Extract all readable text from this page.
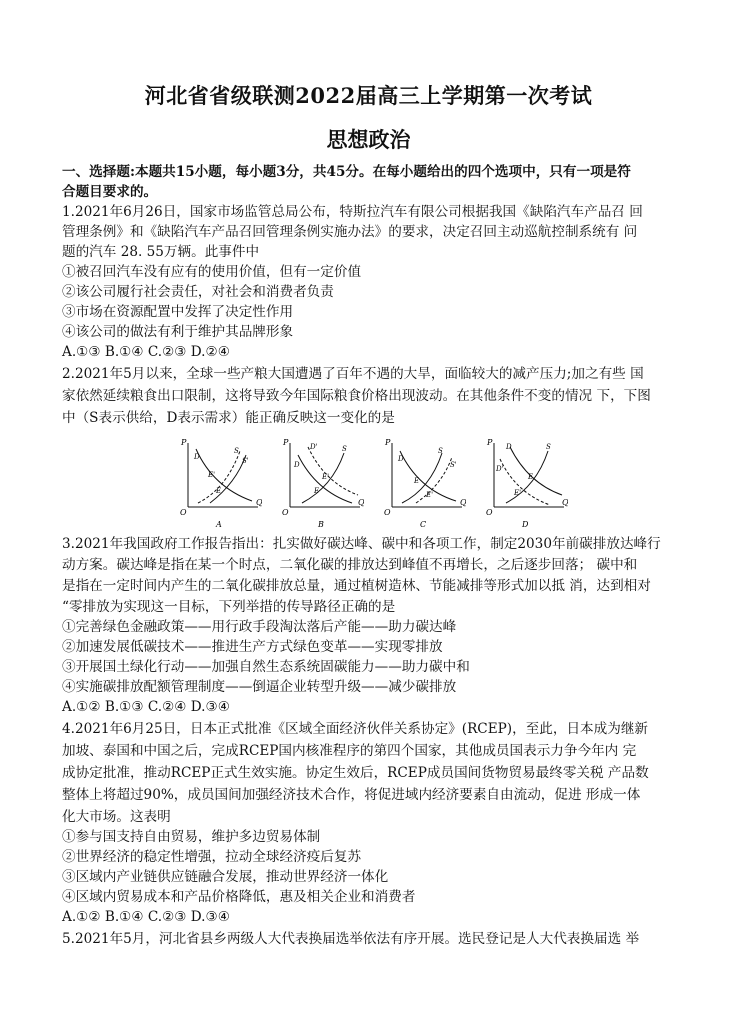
河北省省级联测2022届高三上学期第一次考试
思想政治
一、选择题:本题共15小题，每小题3分，共45分。在每小题给出的四个选项中，只有一项是符
合题目要求的。
1.2021年6月26日，国家市场监管总局公布，特斯拉汽车有限公司根据我国《缺陷汽车产品召 回
管理条例》和《缺陷汽车产品召回管理条例实施办法》的要求，决定召回主动巡航控制系统有 问
题的汽车 28. 55万辆。此事件中
①被召回汽车没有应有的使用价值，但有一定价值
②该公司履行社会责任，对社会和消费者负责
③市场在资源配置中发挥了决定性作用
④该公司的做法有利于维护其品牌形象
A.①③ B.①④ C.②③ D.②④
2.2021年5月以来，全球一些产粮大国遭遇了百年不遇的大旱，面临较大的减产压力;加之有些 国
家依然延续粮食出口限制，这将导致今年国际粮食价格出现波动。在其他条件不变的情况 下，下图
中（S表示供给，D表示需求）能正确反映这一变化的是
P
Q
O
D
S
S'
E'
E
A
P
Q
O
D'
D
S
E'
E
B
P
Q
O
D
S
S'
E
E'
C
P
Q
O
D
D'
S
E
E'
D
3.2021年我国政府工作报告指出：扎实做好碳达峰、碳中和各项工作，制定2030年前碳排放达峰行
动方案。碳达峰是指在某一个时点，二氧化碳的排放达到峰值不再增长，之后逐步回落； 碳中和
是指在一定时间内产生的二氧化碳排放总量，通过植树造林、节能减排等形式加以抵 消，达到相对
“零排放为实现这一目标，下列举措的传导路径正确的是
①完善绿色金融政策——用行政手段淘汰落后产能——助力碳达峰
②加速发展低碳技术——推进生产方式绿色变革——实现零排放
③开展国土绿化行动——加强自然生态系统固碳能力——助力碳中和
④实施碳排放配额管理制度——倒逼企业转型升级——减少碳排放
A.①② B.①③ C.②④ D.③④
4.2021年6月25日，日本正式批准《区域全面经济伙伴关系协定》(RCEP)，至此，日本成为继新
加坡、泰国和中国之后，完成RCEP国内核准程序的第四个国家，其他成员国表示力争今年内 完
成协定批准，推动RCEP正式生效实施。协定生效后，RCEP成员国间货物贸易最终零关税 产品数
整体上将超过90%，成员国间加强经济技术合作，将促进域内经济要素自由流动，促进 形成一体
化大市场。这表明
①参与国支持自由贸易，维护多边贸易体制
②世界经济的稳定性增强，拉动全球经济疫后复苏
③区域内产业链供应链融合发展，推动世界经济一体化
④区域内贸易成本和产品价格降低，惠及相关企业和消费者
A.①② B.①④ C.②③ D.③④
5.2021年5月，河北省县乡两级人大代表换届选举依法有序开展。选民登记是人大代表换届选 举
